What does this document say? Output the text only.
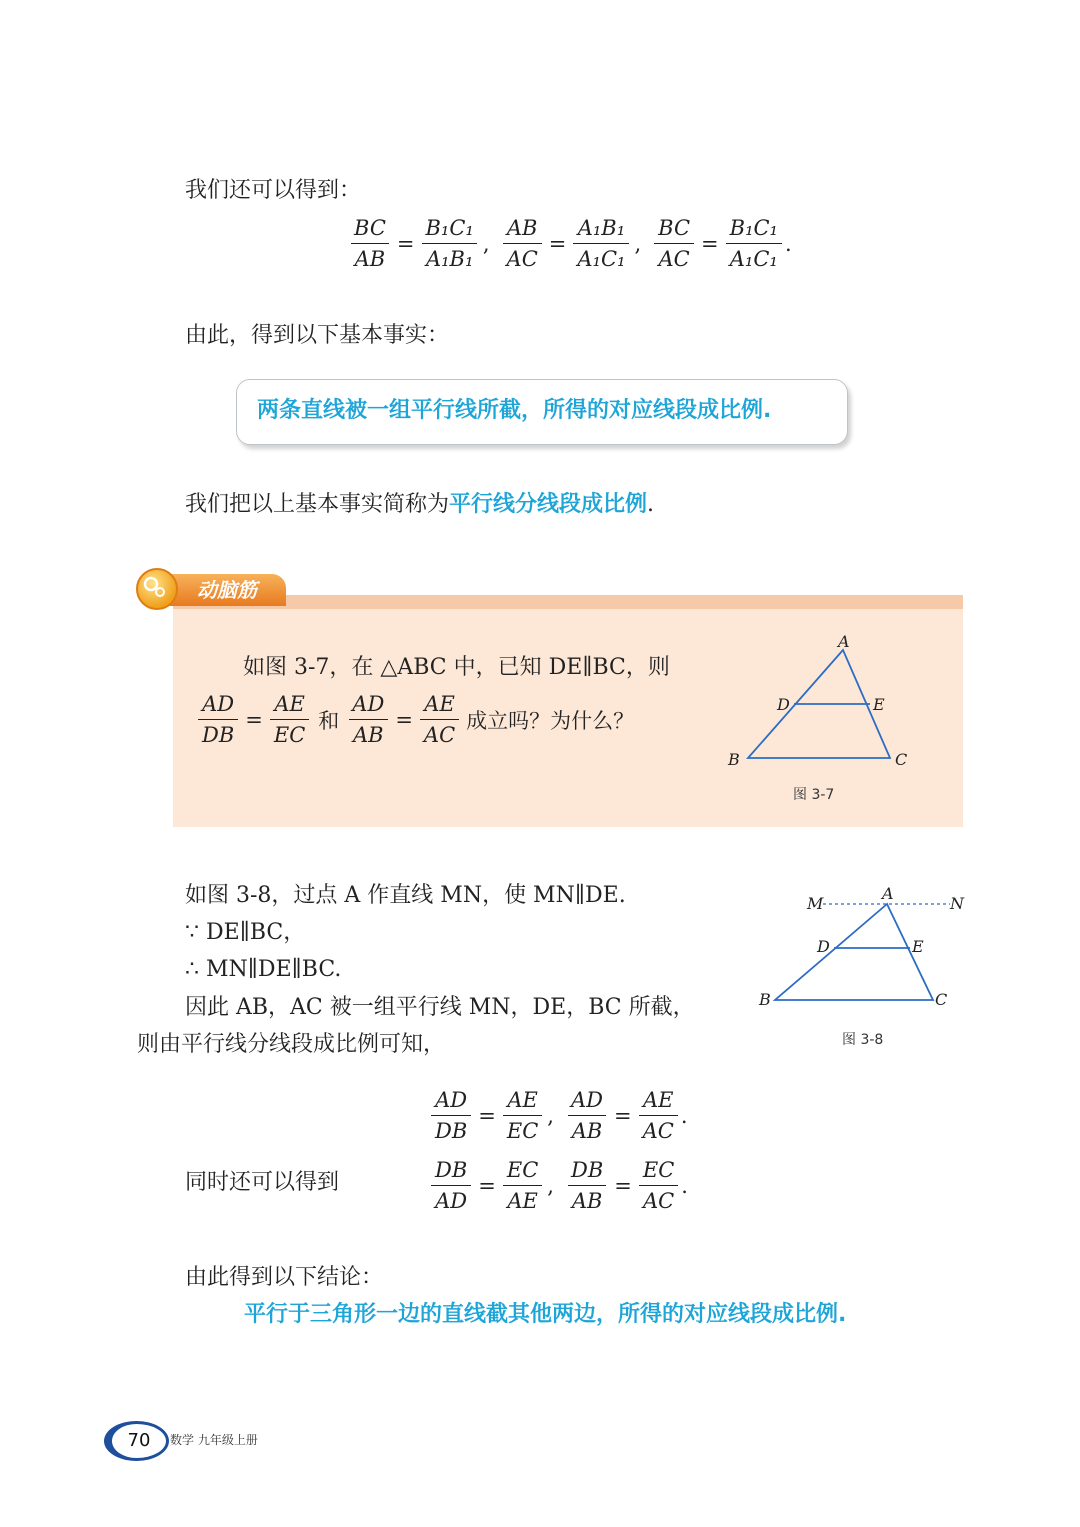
我们还可以得到：
$\frac{BC}{AB} = \frac{\text{B₁C₁}}{\text{A₁B₁}}$ , $\frac{AB}{AC} = \frac{\text{A₁B₁}}{\text{A₁C₁}}$ , $\frac{BC}{AC} = \frac{\text{B₁C₁}}{\text{A₁C₁}}$ .
由此，得到以下基本事实：
两条直线被一组平行线所截，所得的对应线段成比例.
我们把以上基本事实简称为平行线分线段成比例.
动脑筋
如图 3-7，在 △ABC 中，已知 DE∥BC，则
$\frac{AD}{DB} = \frac{AE}{EC}$ 和 $\frac{AD}{AB} = \frac{AE}{AC}$ 成立吗？为什么？
A
D	E
B	C
图 3-7
如图 3-8，过点 A 作直线 MN，使 MN∥DE.
∵ DE∥BC，
∴ MN∥DE∥BC.
因此 AB，AC 被一组平行线 MN，DE，BC 所截，
则由平行线分线段成比例可知，
M
A
N
D	E
B	C
图 3-8
$\frac{AD}{DB} = \frac{AE}{EC}$ , $\frac{AD}{AB} = \frac{AE}{AC}$ .
同时还可以得到	$\frac{DB}{AD} = \frac{EC}{AE}$ , $\frac{DB}{AB} = \frac{EC}{AC}$ .
由此得到以下结论：
平行于三角形一边的直线截其他两边，所得的对应线段成比例.
70	数学 九年级上册
